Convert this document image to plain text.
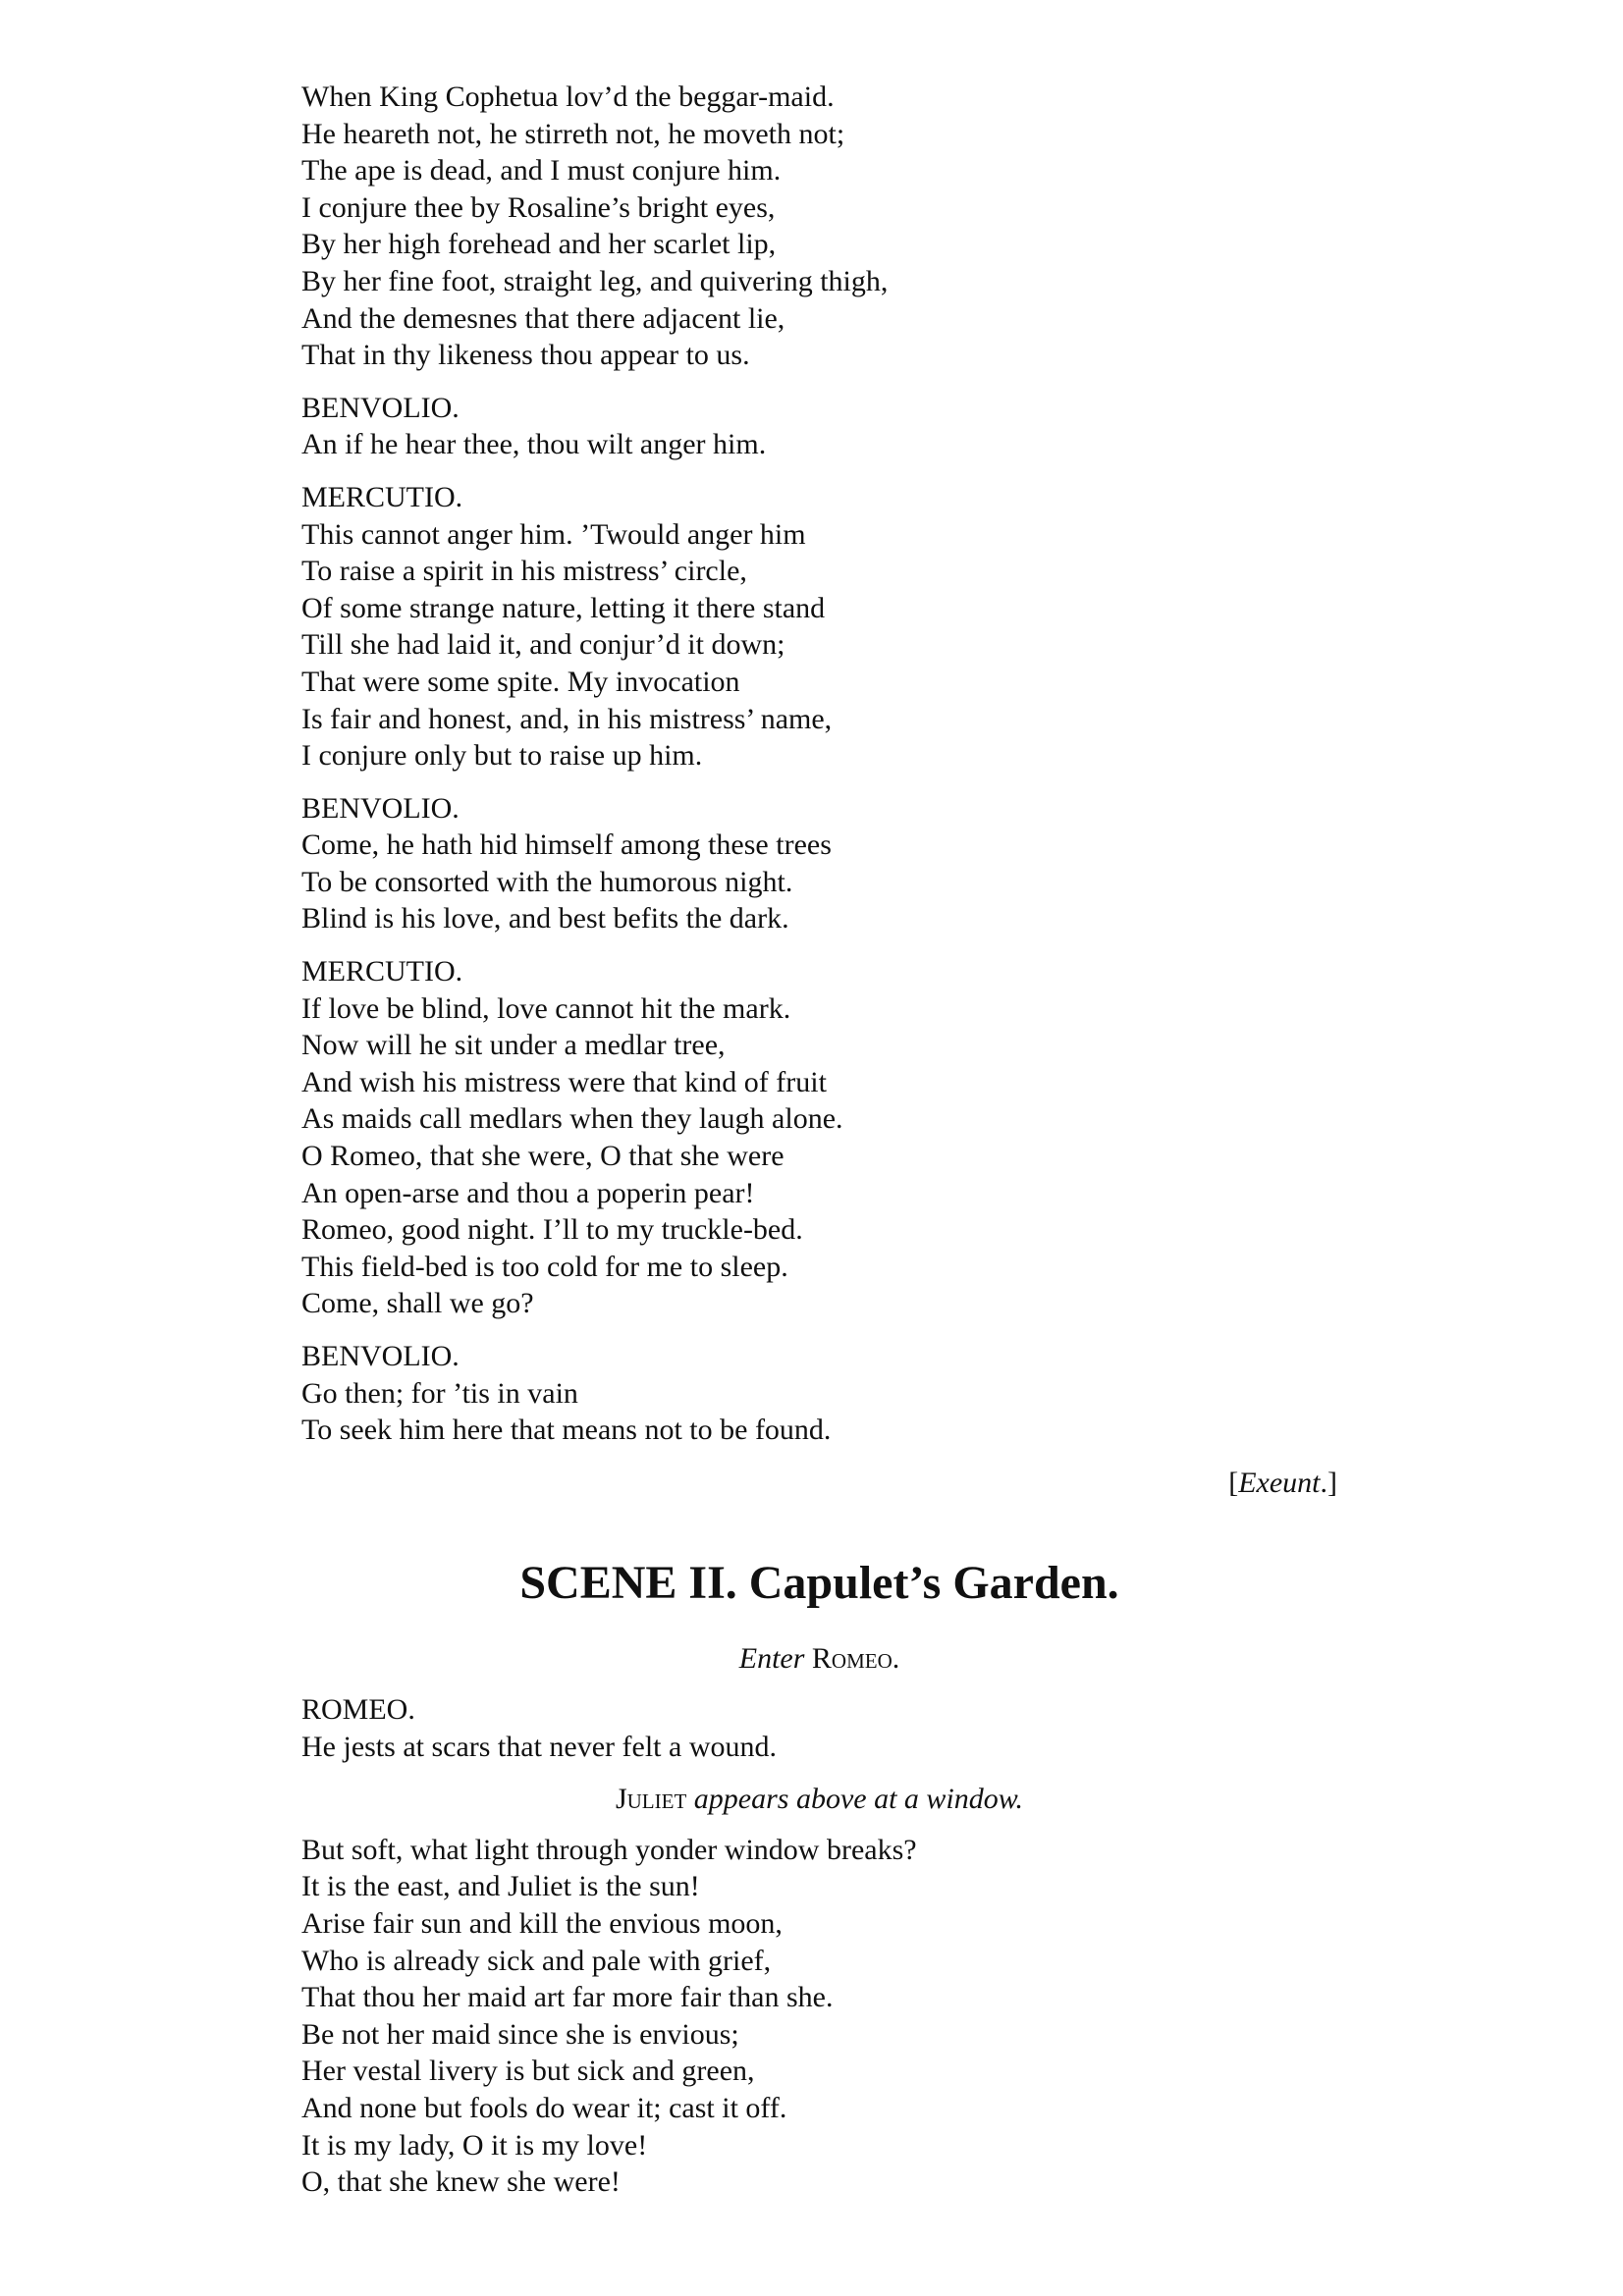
When King Cophetua lov’d the beggar-maid.
He heareth not, he stirreth not, he moveth not;
The ape is dead, and I must conjure him.
I conjure thee by Rosaline’s bright eyes,
By her high forehead and her scarlet lip,
By her fine foot, straight leg, and quivering thigh,
And the demesnes that there adjacent lie,
That in thy likeness thou appear to us.
BENVOLIO.
An if he hear thee, thou wilt anger him.
MERCUTIO.
This cannot anger him. ’Twould anger him
To raise a spirit in his mistress’ circle,
Of some strange nature, letting it there stand
Till she had laid it, and conjur’d it down;
That were some spite. My invocation
Is fair and honest, and, in his mistress’ name,
I conjure only but to raise up him.
BENVOLIO.
Come, he hath hid himself among these trees
To be consorted with the humorous night.
Blind is his love, and best befits the dark.
MERCUTIO.
If love be blind, love cannot hit the mark.
Now will he sit under a medlar tree,
And wish his mistress were that kind of fruit
As maids call medlars when they laugh alone.
O Romeo, that she were, O that she were
An open-arse and thou a poperin pear!
Romeo, good night. I’ll to my truckle-bed.
This field-bed is too cold for me to sleep.
Come, shall we go?
BENVOLIO.
Go then; for ’tis in vain
To seek him here that means not to be found.
[Exeunt.]
SCENE II. Capulet’s Garden.
Enter Romeo.
ROMEO.
He jests at scars that never felt a wound.
Juliet appears above at a window.
But soft, what light through yonder window breaks?
It is the east, and Juliet is the sun!
Arise fair sun and kill the envious moon,
Who is already sick and pale with grief,
That thou her maid art far more fair than she.
Be not her maid since she is envious;
Her vestal livery is but sick and green,
And none but fools do wear it; cast it off.
It is my lady, O it is my love!
O, that she knew she were!
